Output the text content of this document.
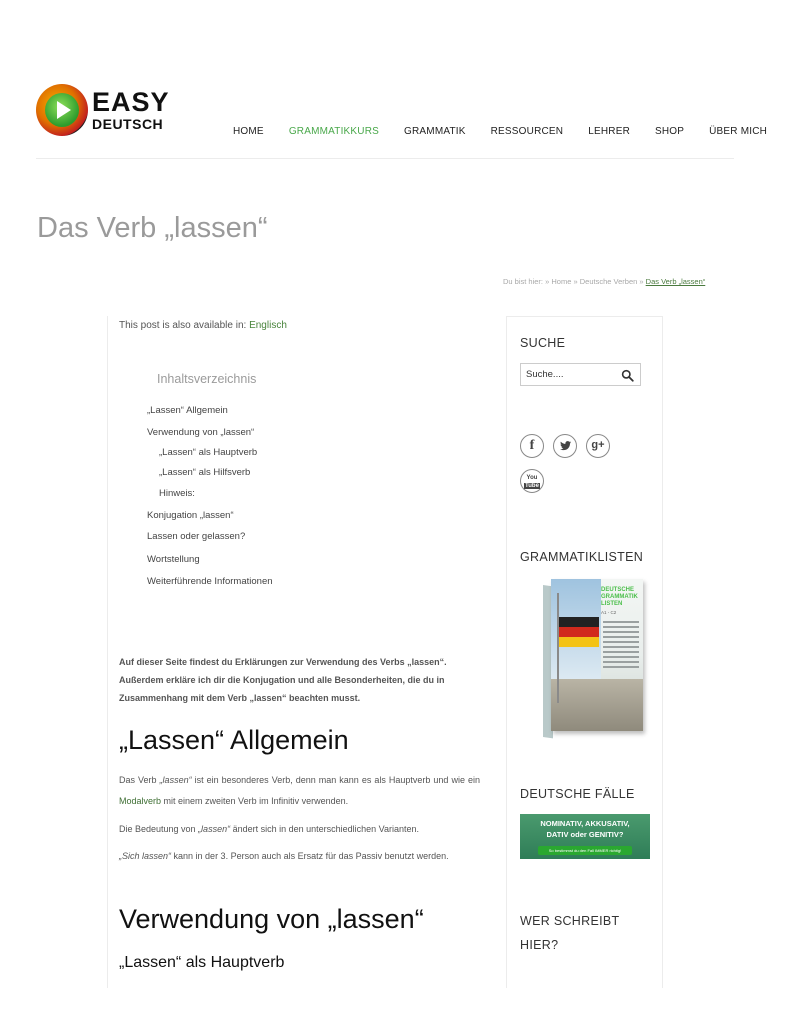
EASY
DEUTSCH	HOME	GRAMMATIKKURS	GRAMMATIK	RESSOURCEN	LEHRER	SHOP	ÜBER MICH
Das Verb „lassen“
Du bist hier: » Home » Deutsche Verben » Das Verb „lassen“
This post is also available in: Englisch
Inhaltsverzeichnis
„Lassen“ Allgemein
Verwendung von „lassen“
„Lassen“ als Hauptverb
„Lassen“ als Hilfsverb
Hinweis:
Konjugation „lassen“
Lassen oder gelassen?
Wortstellung
Weiterführende Informationen
Auf dieser Seite findest du Erklärungen zur Verwendung des Verbs „lassen“. Außerdem erkläre ich dir die Konjugation und alle Besonderheiten, die du in Zusammenhang mit dem Verb „lassen“ beachten musst.
„Lassen“ Allgemein
Das Verb „lassen“ ist ein besonderes Verb, denn man kann es als Hauptverb und wie ein Modalverb mit einem zweiten Verb im Infinitiv verwenden.
Die Bedeutung von „lassen“ ändert sich in den unterschiedlichen Varianten.
„Sich lassen“ kann in der 3. Person auch als Ersatz für das Passiv benutzt werden.
Verwendung von „lassen“
„Lassen“ als Hauptverb
SUCHE
Suche....
f	g+
You
Tube
GRAMMATIKLISTEN
DEUTSCHE GRAMMATIK LISTEN
A1 - C2
DEUTSCHE FÄLLE
NOMINATIV, AKKUSATIV,
DATIV oder GENITIV?
So bestimmst du den Fall IMMER richtig!
WER SCHREIBT
HIER?
